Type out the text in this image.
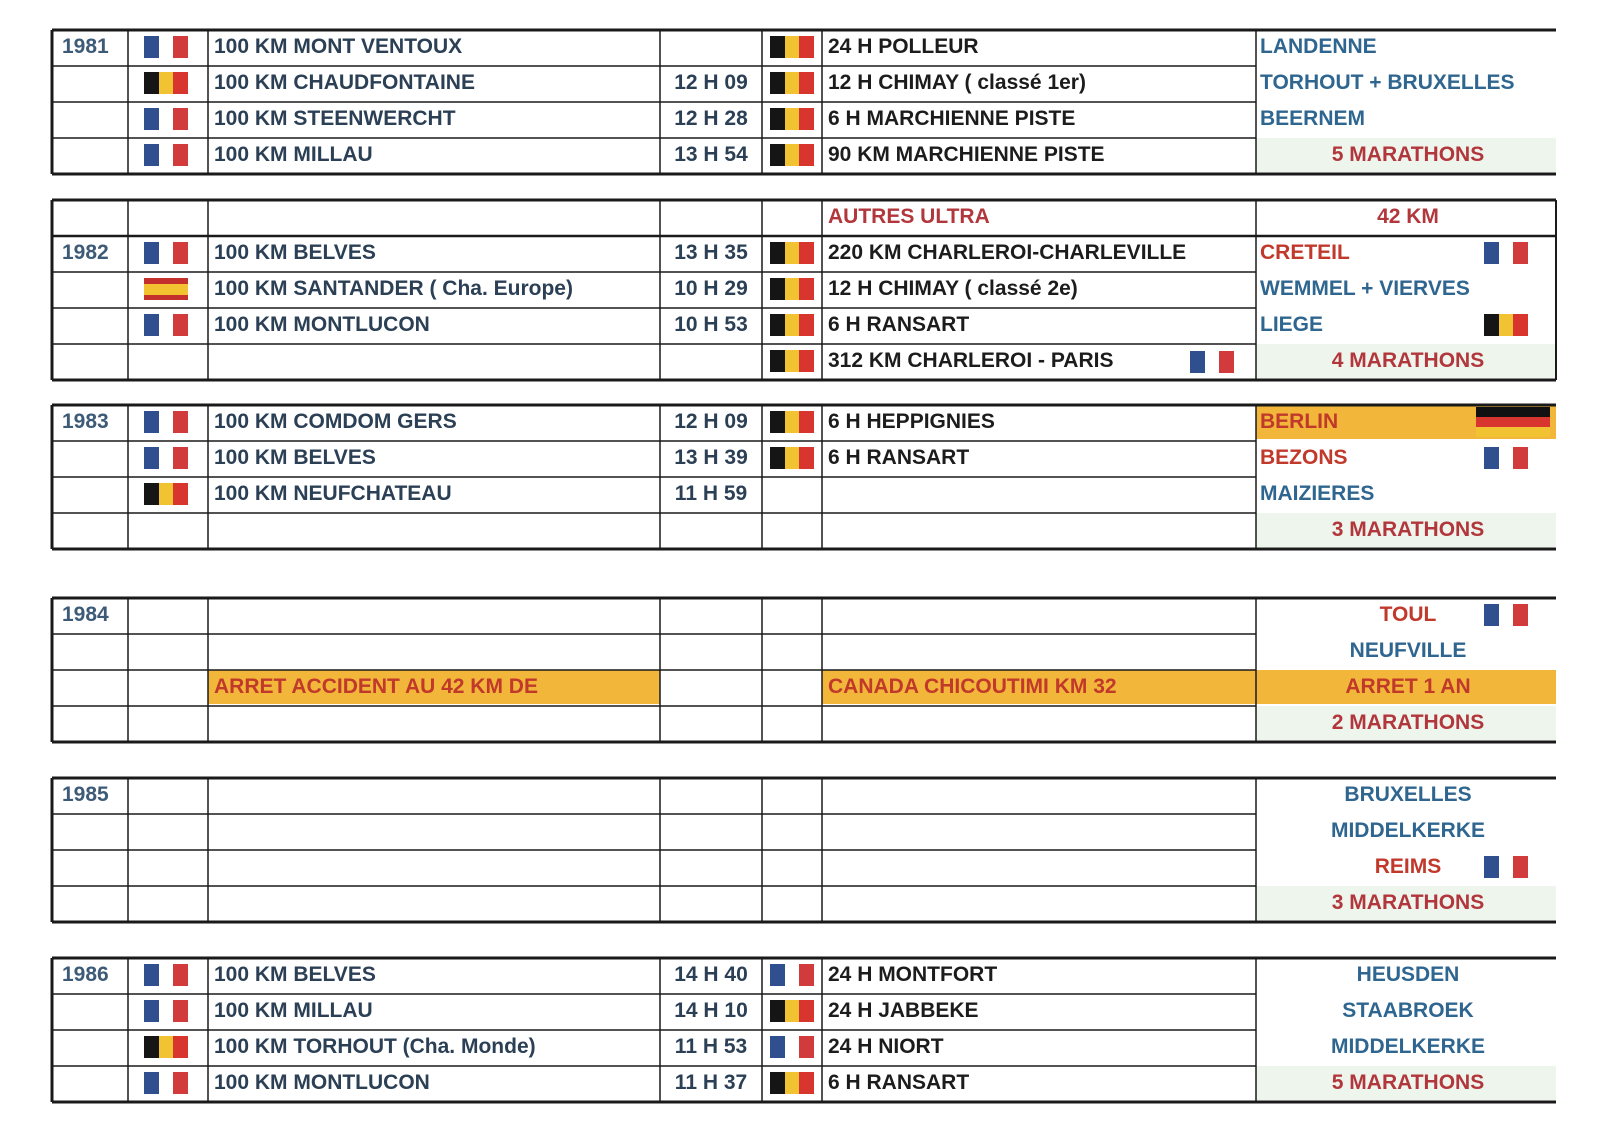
1981	100 KM MONT VENTOUX	24 H POLLEUR	LANDENNE
100 KM CHAUDFONTAINE	12 H 09	12 H CHIMAY ( classé 1er)	TORHOUT + BRUXELLES
100 KM STEENWERCHT	12 H 28	6 H MARCHIENNE PISTE	BEERNEM
100 KM MILLAU	13 H 54	90 KM MARCHIENNE PISTE	5 MARATHONS
AUTRES ULTRA	42 KM
1982	100 KM BELVES	13 H 35	220 KM CHARLEROI-CHARLEVILLE	CRETEIL
100 KM SANTANDER ( Cha. Europe)	10 H 29	12 H CHIMAY ( classé 2e)	WEMMEL + VIERVES
100 KM MONTLUCON	10 H 53	6 H RANSART	LIEGE
312 KM CHARLEROI - PARIS	4 MARATHONS
1983	100 KM COMDOM GERS	12 H 09	6 H HEPPIGNIES	BERLIN
100 KM BELVES	13 H 39	6 H RANSART	BEZONS
100 KM NEUFCHATEAU	11 H 59	MAIZIERES
3 MARATHONS
1984	TOUL
NEUFVILLE
ARRET ACCIDENT AU 42 KM DE	CANADA CHICOUTIMI KM 32	ARRET 1 AN
2 MARATHONS
1985	BRUXELLES
MIDDELKERKE
REIMS
3 MARATHONS
1986	100 KM BELVES	14 H 40	24 H MONTFORT	HEUSDEN
100 KM MILLAU	14 H 10	24 H JABBEKE	STAABROEK
100 KM TORHOUT (Cha. Monde)	11 H 53	24 H NIORT	MIDDELKERKE
100 KM MONTLUCON	11 H 37	6 H RANSART	5 MARATHONS
